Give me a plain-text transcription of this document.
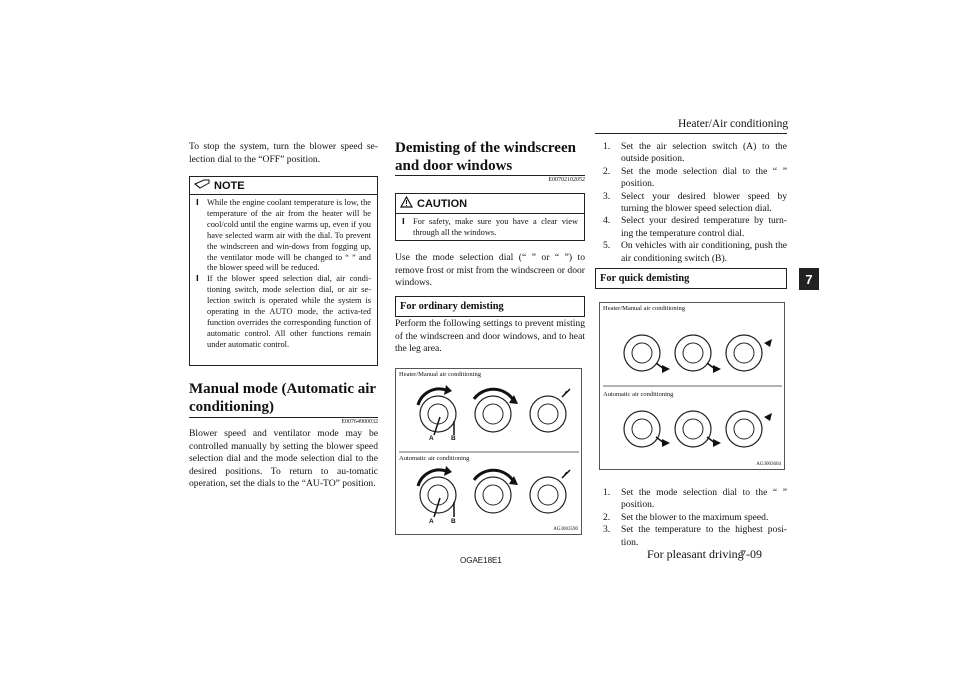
Heater/Air conditioning
7
To stop the system, turn the blower speed se-lection dial to the “OFF” position.
NOTE
l While the engine coolant temperature is low, the temperature of the air from the heater will be cool/cold until the engine warms up, even if you have selected warm air with the dial. To prevent the windscreen and win-dows from fogging up, the ventilator mode will be changed to “ ” and the blower speed will be reduced.
l If the blower speed selection dial, air condi-tioning switch, mode selection dial, or air se-lection switch is operated while the system is operating in the AUTO mode, the activa-ted function overrides the corresponding function of automatic control. All other functions remain under automatic control.
Manual mode (Automatic air conditioning)
E00764900032
Blower speed and ventilator mode may be controlled manually by setting the blower speed selection dial and the mode selection dial to the desired positions. To return to au-tomatic operation, set the dials to the “AU-TO” position.
Demisting of the windscreen and door windows
E00702102052
CAUTION
l For safety, make sure you have a clear view through all the windows.
Use the mode selection dial (“ ” or “ ”) to remove frost or mist from the windscreen or door windows.
For ordinary demisting
Perform the following settings to prevent misting of the windscreen and door windows, and to heat the leg area.
Heater/Manual air conditioning
Automatic air conditioning
A	B
A	B
AG3003590
OGAE18E1
1. Set the air selection switch (A) to the outside position.
2. Set the mode selection dial to the “ ” position.
3. Select your desired blower speed by turning the blower speed selection dial.
4. Select your desired temperature by turn-ing the temperature control dial.
5. On vehicles with air conditioning, push the air conditioning switch (B).
For quick demisting
Heater/Manual air conditioning
Automatic air conditioning
AG3003604
1. Set the mode selection dial to the “ ” position.
2. Set the blower to the maximum speed.
3. Set the temperature to the highest posi-tion.
For pleasant driving
7-09
